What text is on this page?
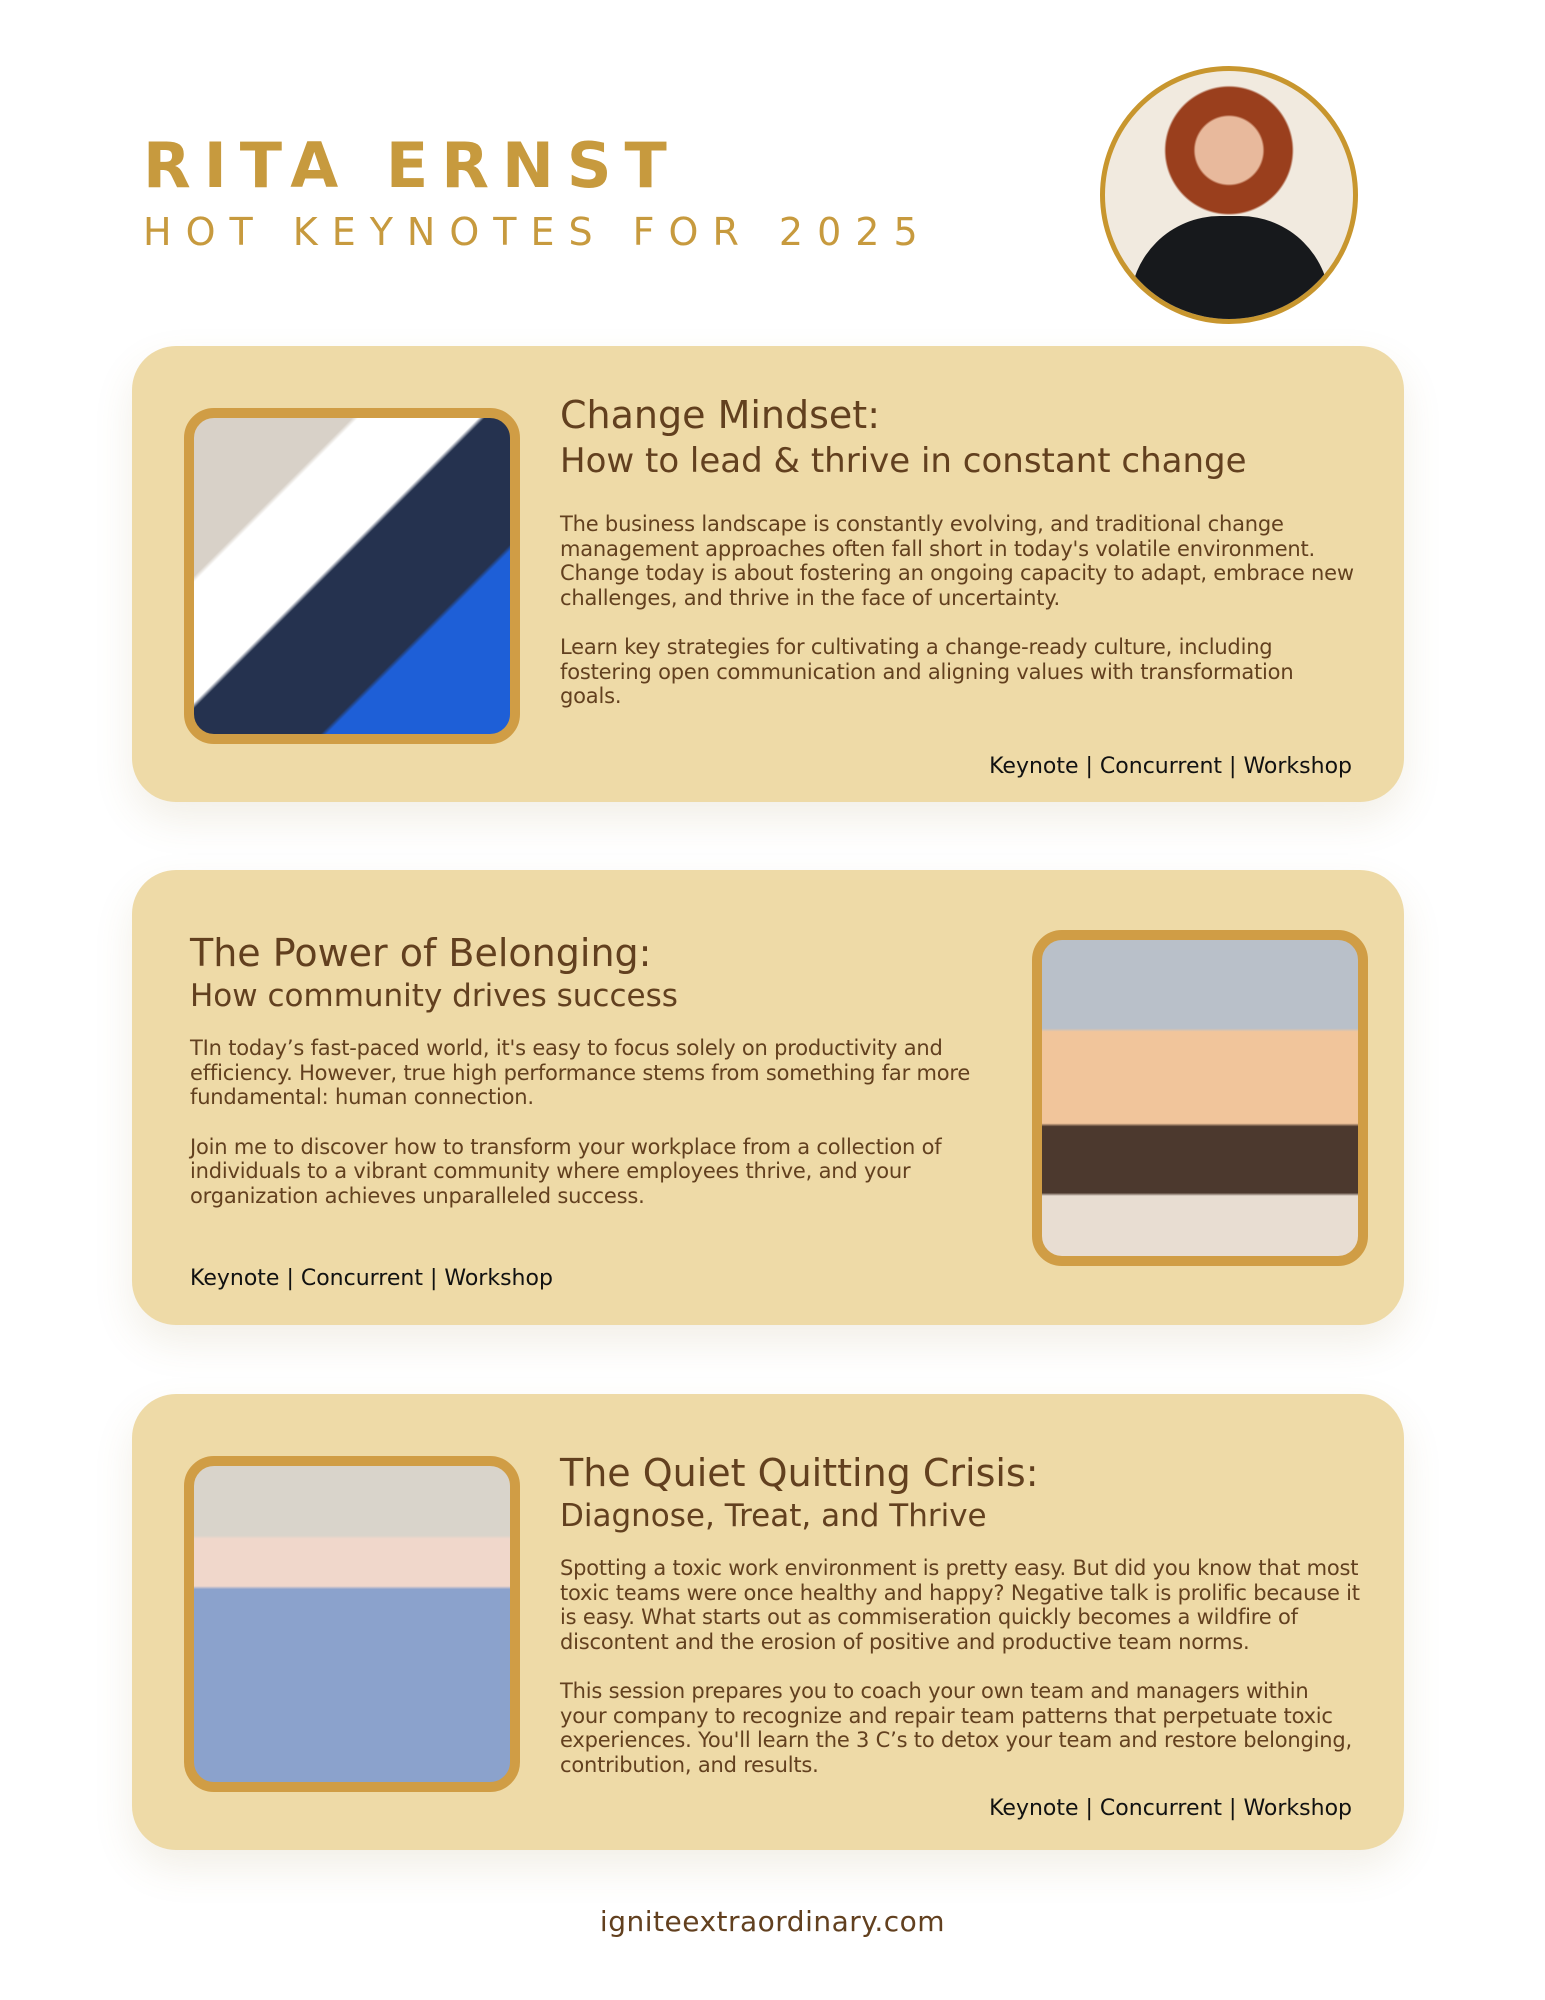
RITA ERNST
HOT KEYNOTES FOR 2025
Change Mindset:
How to lead & thrive in constant change

The business landscape is constantly evolving, and traditional change management approaches often fall short in today's volatile environment. Change today is about fostering an ongoing capacity to adapt, embrace new challenges, and thrive in the face of uncertainty.

Learn key strategies for cultivating a change-ready culture, including fostering open communication and aligning values with transformation goals.

Keynote | Concurrent | Workshop
The Power of Belonging:
How community drives success

TIn today’s fast-paced world, it's easy to focus solely on productivity and efficiency. However, true high performance stems from something far more fundamental: human connection.

Join me to discover how to transform your workplace from a collection of individuals to a vibrant community where employees thrive, and your organization achieves unparalleled success.

Keynote | Concurrent | Workshop
The Quiet Quitting Crisis:
Diagnose, Treat, and Thrive

Spotting a toxic work environment is pretty easy. But did you know that most toxic teams were once healthy and happy? Negative talk is prolific because it is easy. What starts out as commiseration quickly becomes a wildfire of discontent and the erosion of positive and productive team norms.

This session prepares you to coach your own team and managers within your company to recognize and repair team patterns that perpetuate toxic experiences. You'll learn the 3 C’s to detox your team and restore belonging, contribution, and results.

Keynote | Concurrent | Workshop
igniteextraordinary.com
